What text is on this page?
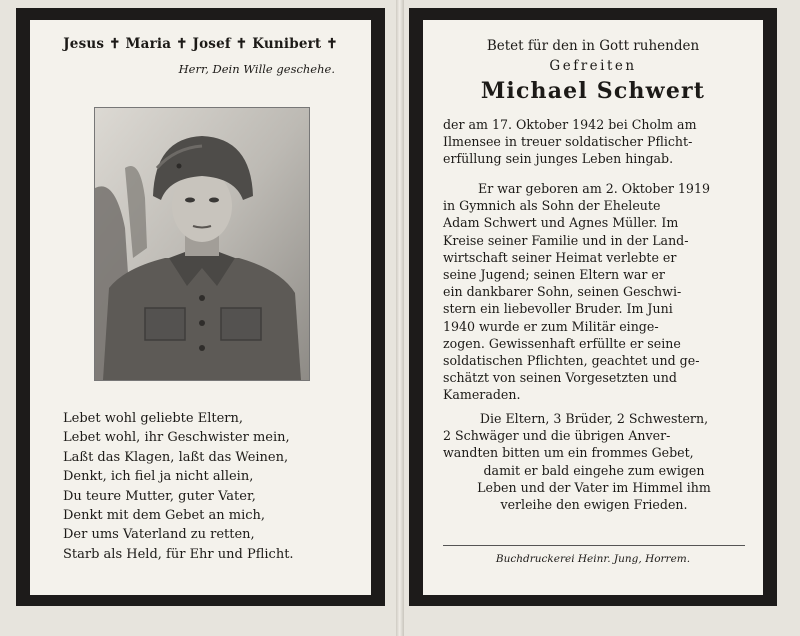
Jesus ✝ Maria ✝ Josef ✝ Kunibert ✝
Herr, Dein Wille geschehe.
Lebet wohl geliebte Eltern,
Lebet wohl, ihr Geschwister mein,
Laßt das Klagen, laßt das Weinen,
Denkt, ich fiel ja nicht allein,
Du teure Mutter, guter Vater,
Denkt mit dem Gebet an mich,
Der ums Vaterland zu retten,
Starb als Held, für Ehr und Pflicht.
Betet für den in Gott ruhenden
Gefreiten
Michael Schwert
der am 17. Oktober 1942 bei Cholm am
Ilmensee in treuer soldatischer Pflicht-
erfüllung sein junges Leben hingab.
Er war geboren am 2. Oktober 1919
in Gymnich als Sohn der Eheleute
Adam Schwert und Agnes Müller. Im
Kreise seiner Familie und in der Land-
wirtschaft seiner Heimat verlebte er
seine Jugend; seinen Eltern war er
ein dankbarer Sohn, seinen Geschwi-
stern ein liebevoller Bruder. Im Juni
1940 wurde er zum Militär einge-
zogen. Gewissenhaft erfüllte er seine
soldatischen Pflichten, geachtet und ge-
schätzt von seinen Vorgesetzten und
Kameraden.
Die Eltern, 3 Brüder, 2 Schwestern,
2 Schwäger und die übrigen Anver-
wandten bitten um ein frommes Gebet,
damit er bald eingehe zum ewigen
Leben und der Vater im Himmel ihm
verleihe den ewigen Frieden.
Buchdruckerei Heinr. Jung, Horrem.
